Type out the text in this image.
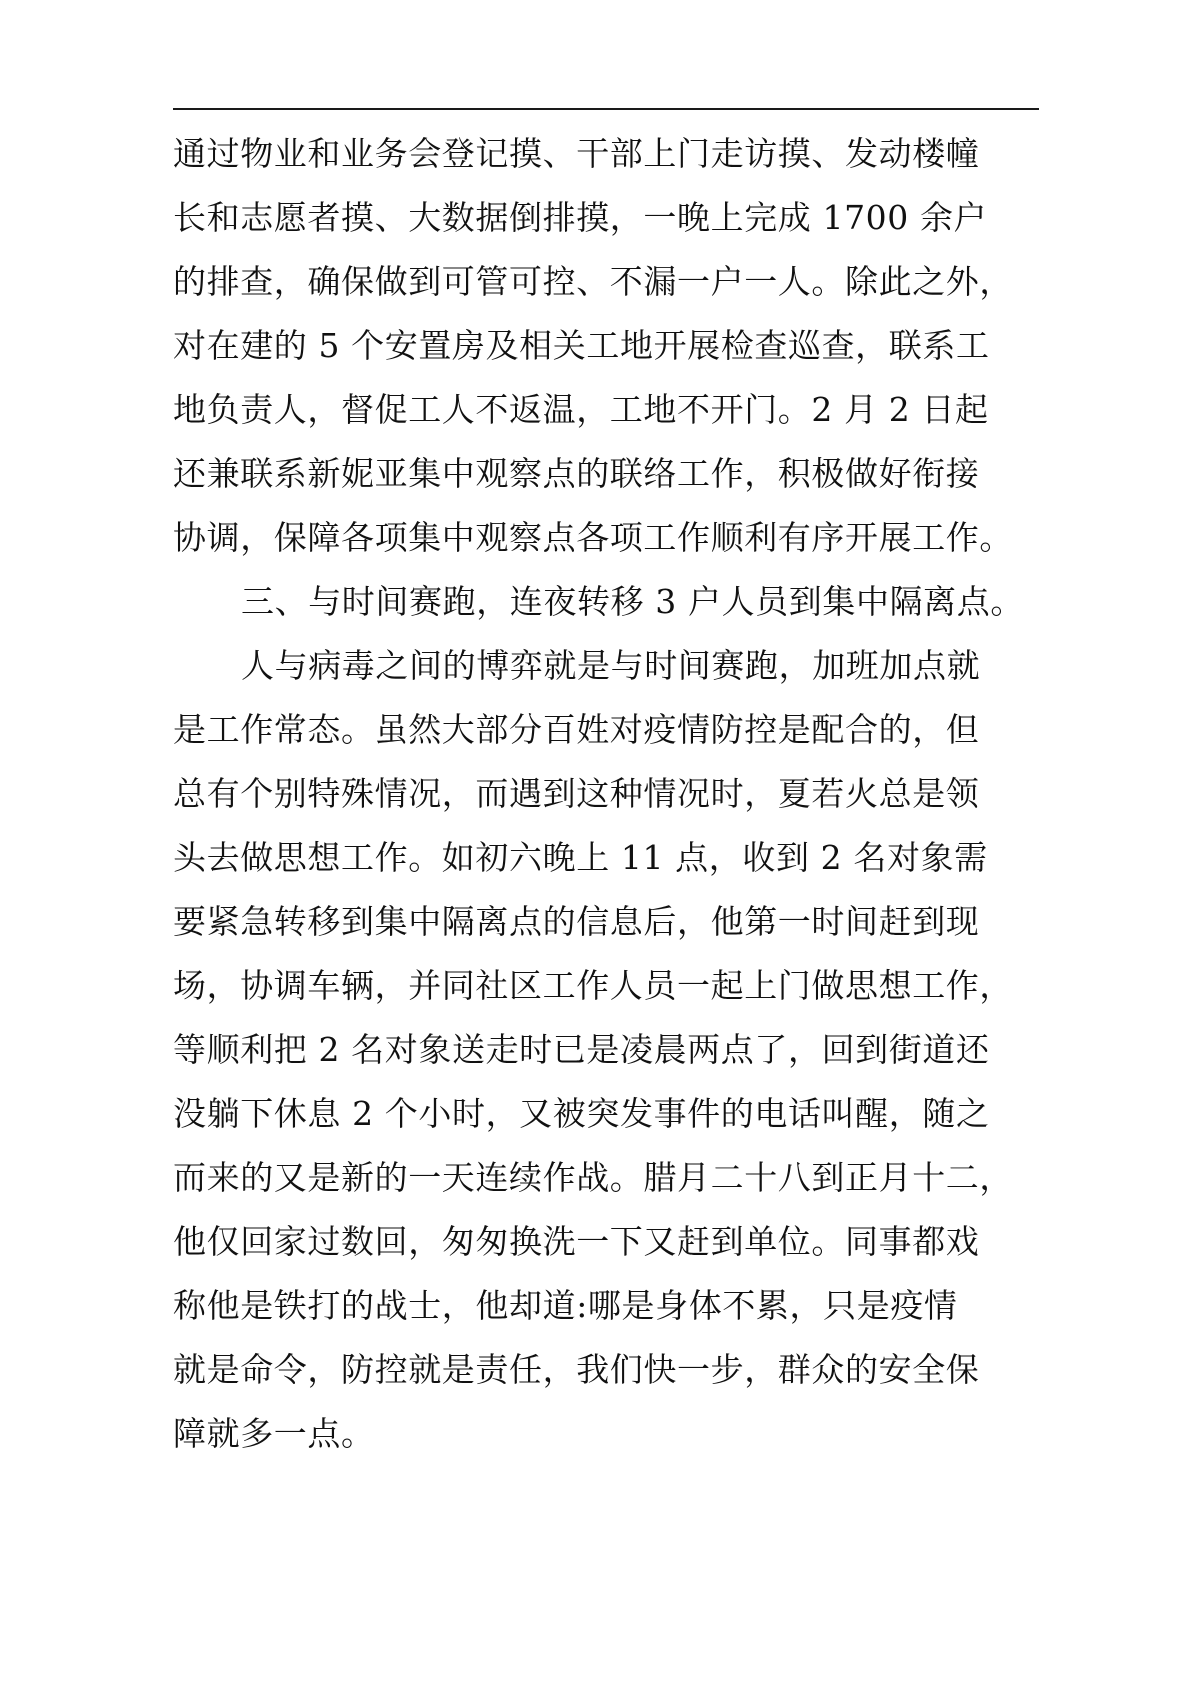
通过物业和业务会登记摸、干部上门走访摸、发动楼幢
长和志愿者摸、大数据倒排摸，一晚上完成 1700 余户
的排查，确保做到可管可控、不漏一户一人。除此之外，
对在建的 5 个安置房及相关工地开展检查巡查，联系工
地负责人，督促工人不返温，工地不开门。2 月 2 日起
还兼联系新妮亚集中观察点的联络工作，积极做好衔接
协调，保障各项集中观察点各项工作顺利有序开展工作。
三、与时间赛跑，连夜转移 3 户人员到集中隔离点。
人与病毒之间的博弈就是与时间赛跑，加班加点就
是工作常态。虽然大部分百姓对疫情防控是配合的，但
总有个别特殊情况，而遇到这种情况时，夏若火总是领
头去做思想工作。如初六晚上 11 点，收到 2 名对象需
要紧急转移到集中隔离点的信息后，他第一时间赶到现
场，协调车辆，并同社区工作人员一起上门做思想工作，
等顺利把 2 名对象送走时已是凌晨两点了，回到街道还
没躺下休息 2 个小时，又被突发事件的电话叫醒，随之
而来的又是新的一天连续作战。腊月二十八到正月十二，
他仅回家过数回，匆匆换洗一下又赶到单位。同事都戏
称他是铁打的战士，他却道:哪是身体不累，只是疫情
就是命令，防控就是责任，我们快一步，群众的安全保
障就多一点。
